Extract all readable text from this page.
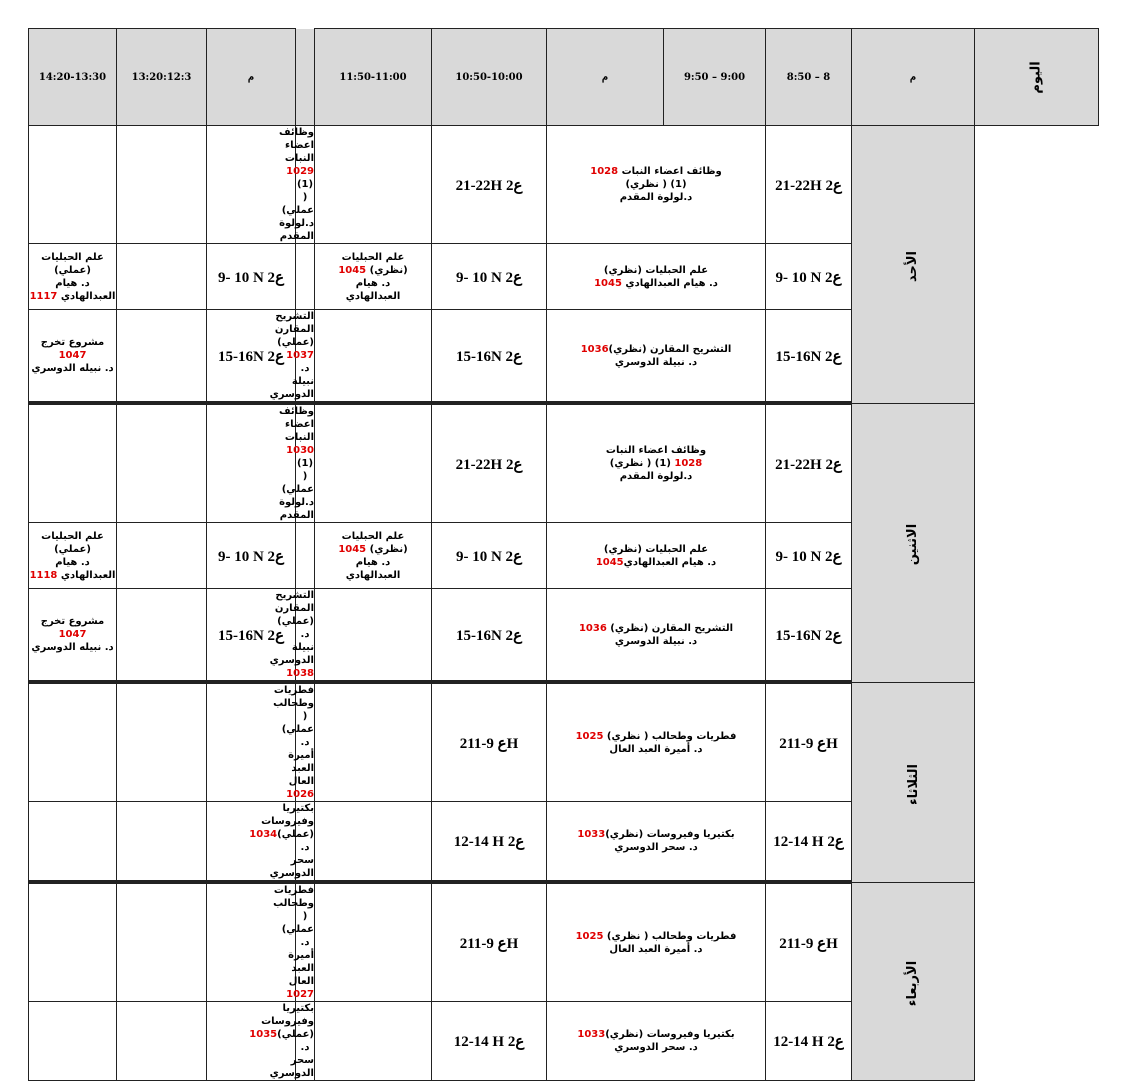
14:20-13:30	13:20:12:3	م		11:50-11:00	10:50-10:00	م	9:50 – 9:00	8:50 – 8	م	اليوم

			وظائف اعضاء النبات 1029
(1) ( عملي)
د.لولوة المقدم		21-22H 2ع	وظائف اعضاء النبات 1028
(1) ( نظري)
د.لولوة المقدم		21-22H 2ع	الأحد	

علم الحبليات (عملي)
د. هيام العبدالهادي 1117		9- 10 N 2ع		علم الحبليات
(نظري) 1045
د. هيام
العبدالهادي	9- 10 N 2ع	علم الحبليات (نظري)
د. هيام العبدالهادي 1045		9- 10 N 2ع		

مشروع تخرج 1047
د. نبيله الدوسري		15-16N 2ع	التشريح المقارن (عملي) 1037
د. نبيلة الدوسري		15-16N 2ع	التشريح المقارن (نظري)1036
د. نبيلة الدوسري		15-16N 2ع		

			وظائف اعضاء النبات 1030
(1) ( عملي)
د.لولوة المقدم		21-22H 2ع	وظائف اعضاء النبات
1028 (1) ( نظري)
د.لولوة المقدم		21-22H 2ع	الاثنين	

علم الحبليات (عملي)
د. هيام العبدالهادي 1118		9- 10 N 2ع		علم الحبليات
(نظري) 1045
د. هيام
العبدالهادي	9- 10 N 2ع	علم الحبليات (نظري)
د. هيام العبدالهادي1045		9- 10 N 2ع		

مشروع تخرج 1047
د. نبيله الدوسري		15-16N 2ع	التشريح المقارن (عملي)
د. نبيلة الدوسري 1038		15-16N 2ع	التشريح المقارن (نظري) 1036
د. نبيلة الدوسري		15-16N 2ع		

			فطريات وطحالب ( عملي)
د. أميرة العبد العال 1026		2ع 9-11H	فطريات وطحالب ( نظري) 1025
د. أميرة العبد العال		2ع 9-11H	الثلاثاء	

			بكتيريا وفيروسات (عملي)1034
د. سحر الدوسري		12-14 H 2ع	بكتيريا وفيروسات (نظري)1033
د. سحر الدوسري		12-14 H 2ع		

			فطريات وطحالب ( عملي)
د. أميرة العبد العال 1027		2ع 9-11H	فطريات وطحالب ( نظري) 1025
د. أميرة العبد العال		2ع 9-11H	الأربعاء	

			بكتيريا وفيروسات (عملي)1035
د. سحر الدوسري		12-14 H 2ع	بكتيريا وفيروسات (نظري)1033
د. سحر الدوسري		12-14 H 2ع		
